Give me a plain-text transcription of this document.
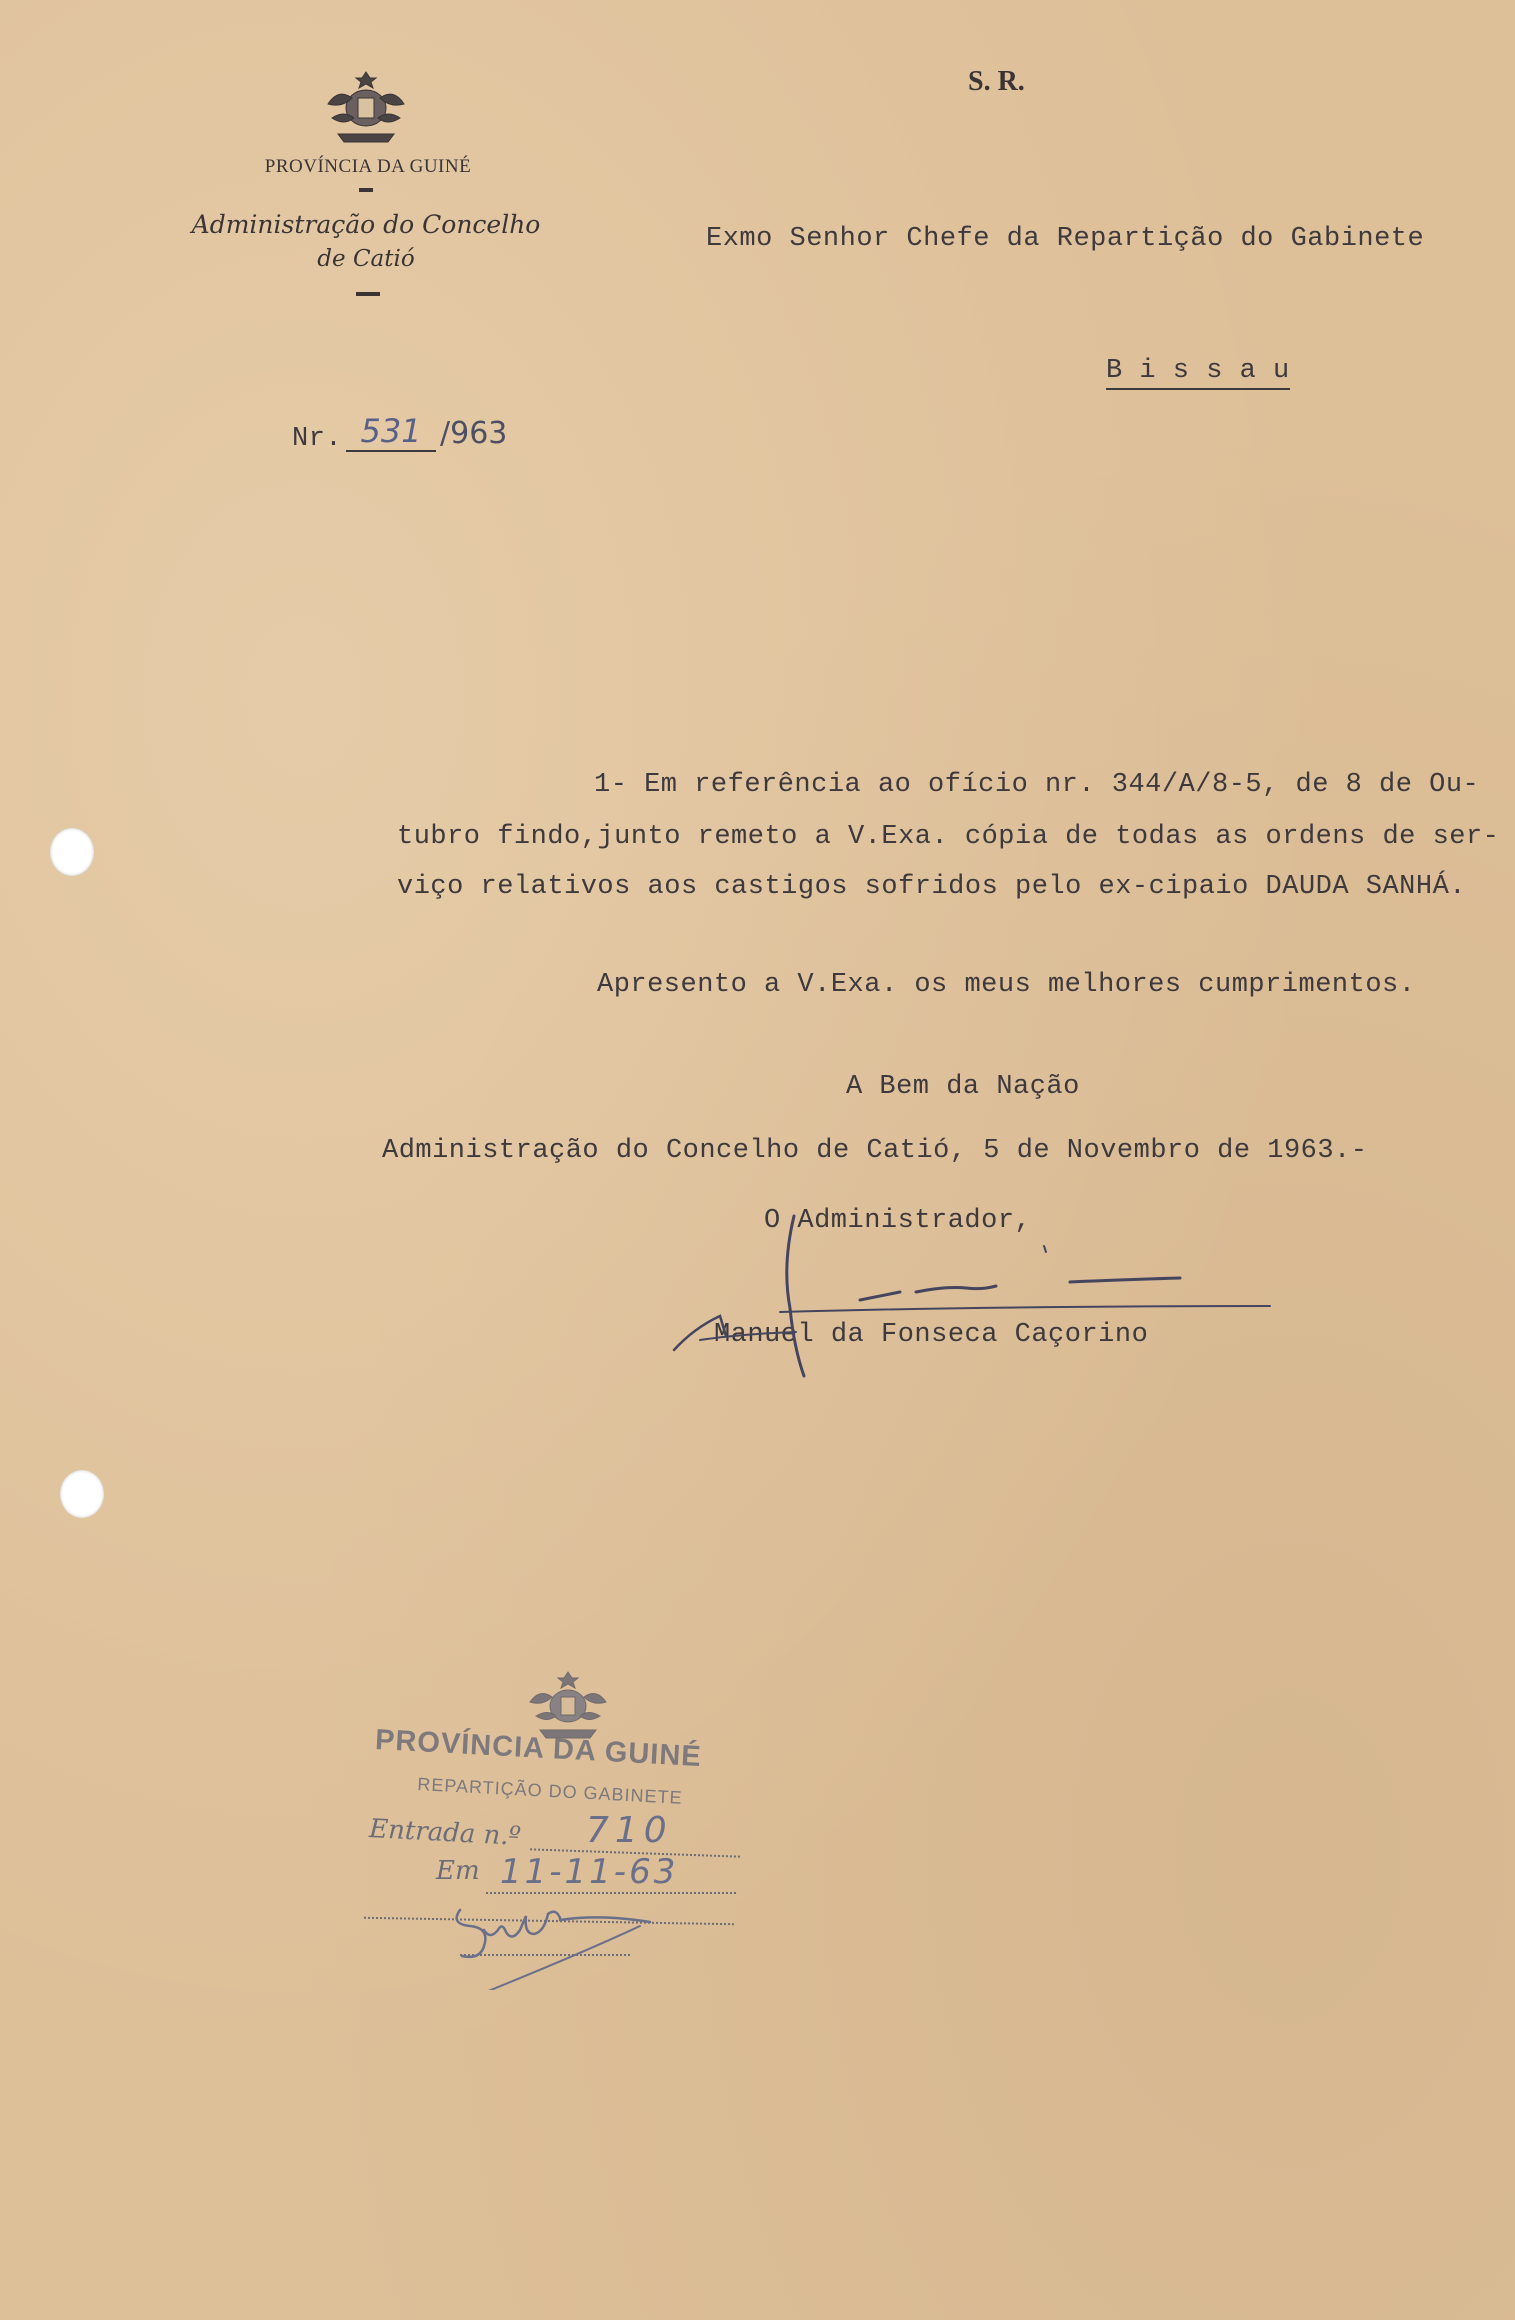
PROVÍNCIA DA GUINÉ
Administração do Concelho
de Catió
S. R.
Exmo Senhor Chefe da Repartição do Gabinete
B i s s a u
Nr. 531 /963
1- Em referência ao ofício nr. 344/A/8-5, de 8 de Ou-
tubro findo,junto remeto a V.Exa. cópia de todas as ordens de ser-
viço relativos aos castigos sofridos pelo ex-cipaio DAUDA SANHÁ.
Apresento a V.Exa. os meus melhores cumprimentos.
A Bem da Nação
Administração do Concelho de Catió, 5 de Novembro de 1963.-
O Administrador,
Manuel da Fonseca Caçorino
PROVÍNCIA DA GUINÉ
REPARTIÇÃO DO GABINETE
Entrada n.º 710
Em 11-11-63
